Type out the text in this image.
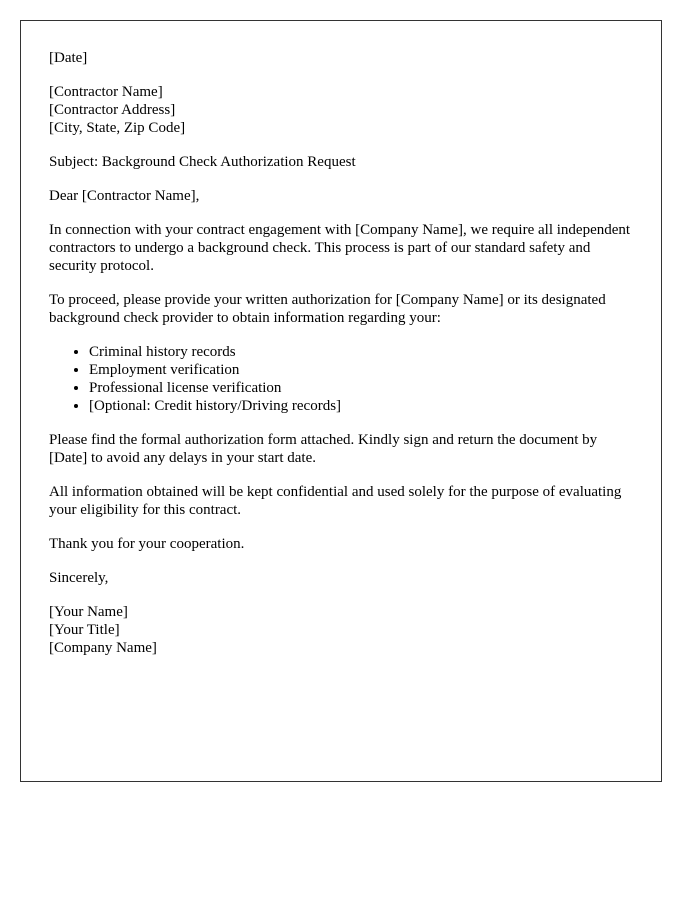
[Date]

[Contractor Name]
[Contractor Address]
[City, State, Zip Code]

Subject: Background Check Authorization Request

Dear [Contractor Name],

In connection with your contract engagement with [Company Name], we require all independent contractors to undergo a background check. This process is part of our standard safety and security protocol.

To proceed, please provide your written authorization for [Company Name] or its designated background check provider to obtain information regarding your:

• Criminal history records
• Employment verification
• Professional license verification
• [Optional: Credit history/Driving records]

Please find the formal authorization form attached. Kindly sign and return the document by [Date] to avoid any delays in your start date.

All information obtained will be kept confidential and used solely for the purpose of evaluating your eligibility for this contract.

Thank you for your cooperation.

Sincerely,

[Your Name]
[Your Title]
[Company Name]
